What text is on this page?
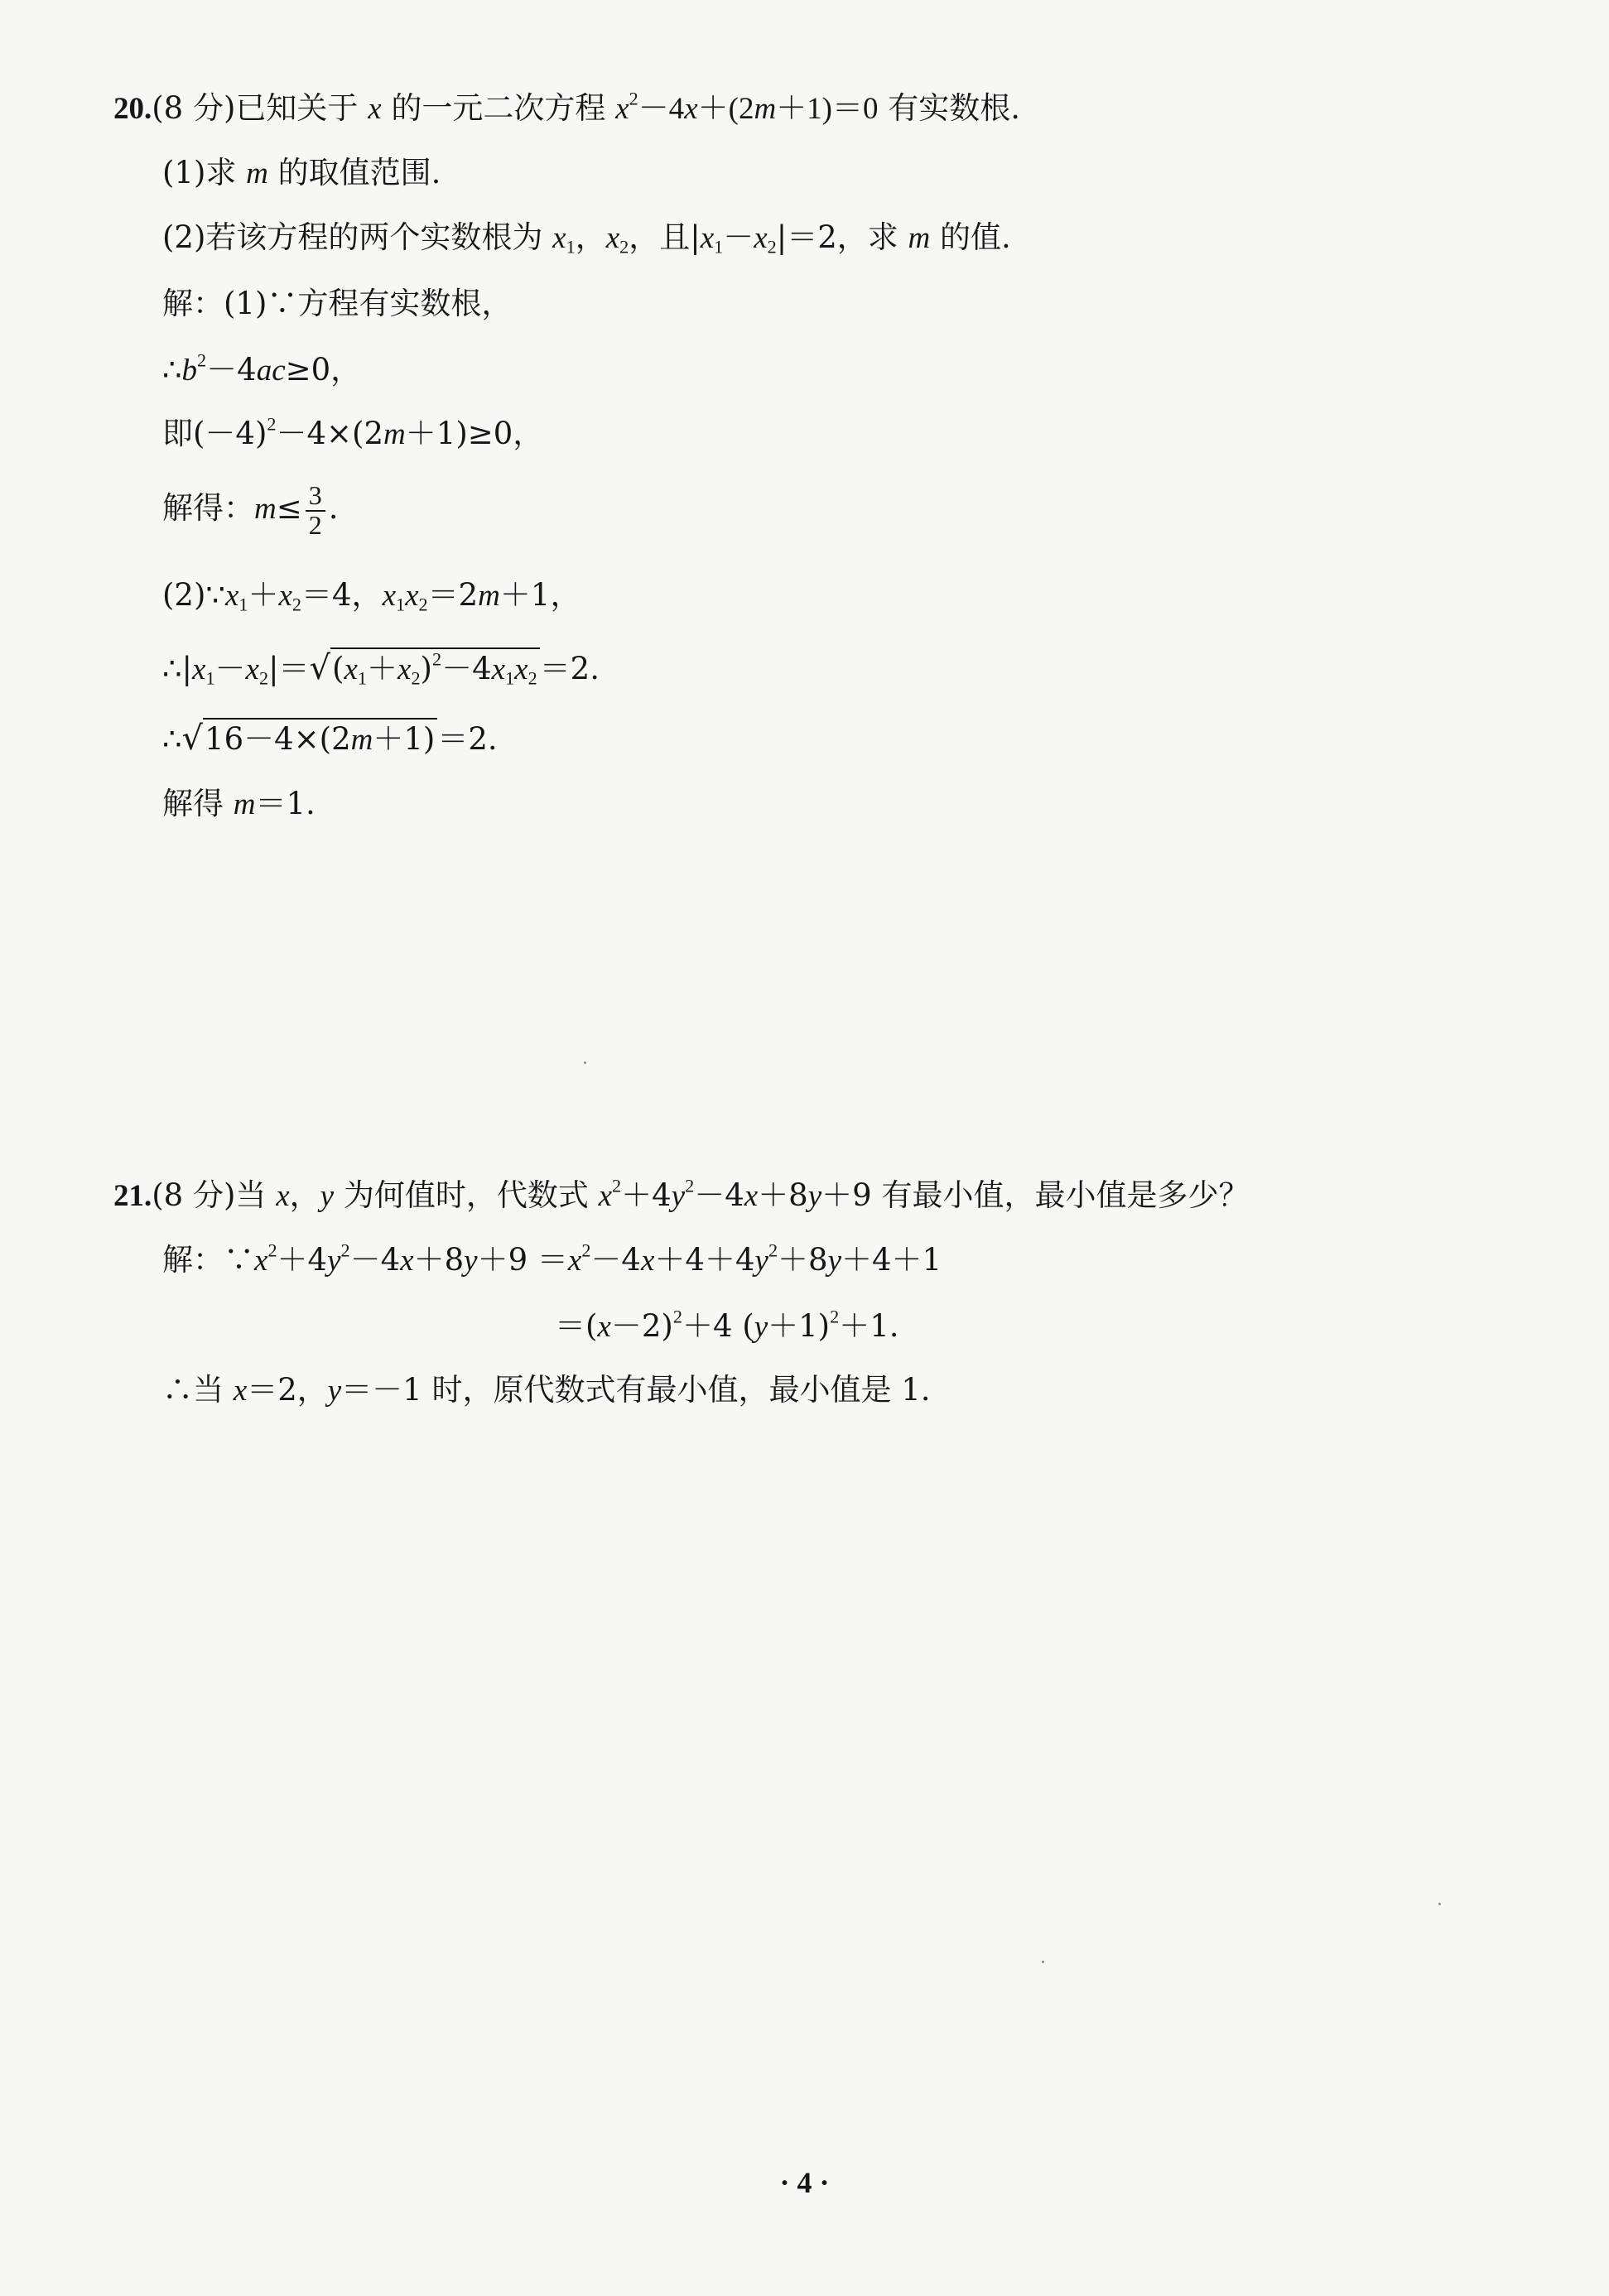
20.(8 分)已知关于 x 的一元二次方程 $x^2-4x+(2m+1)=0$ 有实数根.
(1)求 m 的取值范围.
(2)若该方程的两个实数根为 $x_1$，$x_2$，且$|x_1-x_2|=2$，求 m 的值.
解：(1)∵方程有实数根，
$\therefore b^2-4ac\ge 0$，
即$(-4)^2-4\times(2m+1)\ge 0$，
解得：$m\le \frac{3}{2}$ .
$(2)\because x_1+x_2=4$，$x_1x_2=2m+1$，
$\therefore|x_1-x_2|=√(x_1+x_2)^2-4x_1x_2=2$.
∴√16－4×(2m＋1)＝2.
解得 m＝1.
21.(8 分)当 x，y 为何值时，代数式 $x^2+4y^2-4x+8y+9$ 有最小值，最小值是多少？
解：$\because x^2+4y^2-4x+8y+9 =x^2-4x+4+4y^2+8y+4+1$
$=(x-2)^2+4$ $(y+1)^2+1$.
∴当 x＝2，y＝－1 时，原代数式有最小值，最小值是 1.
· 4 ·
